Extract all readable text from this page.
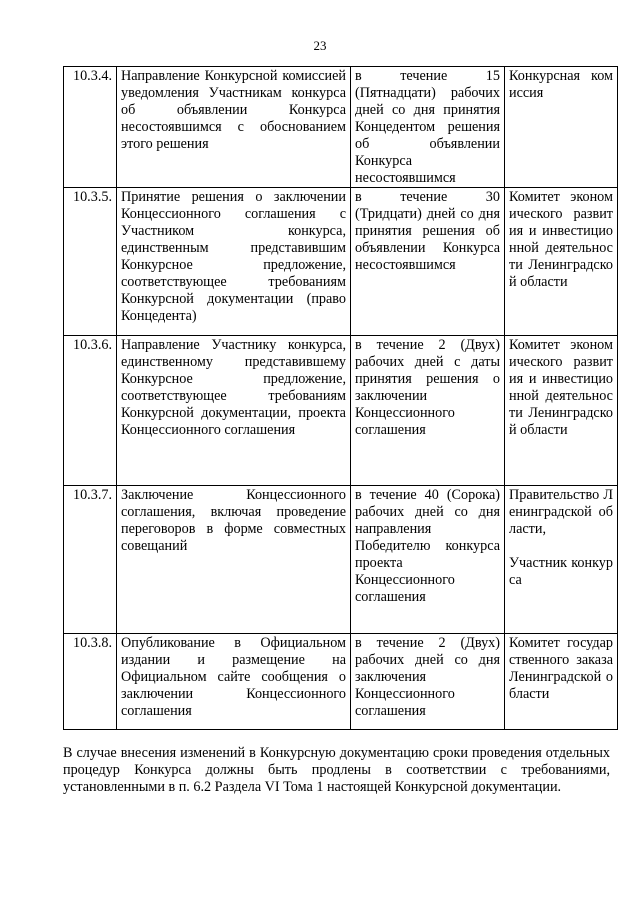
23
10.3.4.	Направление Конкурсной комиссией уведомления Участникам конкурса об объявлении Конкурса несостоявшимся с обоснованием этого решения	в течение 15 (Пятнадцати) рабочих дней со дня принятия Концедентом решения об объявлении Конкурса несостоявшимся	Конкурсная комиссия

10.3.5.	Принятие решения о заключении Концессионного соглашения с Участником конкурса, единственным представившим Конкурсное предложение, соответствующее требованиям Конкурсной документации (право Концедента)	в течение 30 (Тридцати) дней со дня принятия решения об объявлении Конкурса несостоявшимся	Комитет экономического развития и инвестиционной деятельности Ленинградской области

10.3.6.	Направление Участнику конкурса, единственному представившему Конкурсное предложение, соответствующее требованиям Конкурсной документации, проекта Концессионного соглашения	в течение 2 (Двух) рабочих дней с даты принятия решения о заключении Концессионного соглашения	Комитет экономического развития и инвестиционной деятельности Ленинградской области

10.3.7.	Заключение Концессионного соглашения, включая проведение переговоров в форме совместных совещаний	в течение 40 (Сорока) рабочих дней со дня направления Победителю конкурса проекта Концессионного соглашения	Правительство Ленинградской области,
Участник конкурса

10.3.8.	Опубликование в Официальном издании и размещение на Официальном сайте сообщения о заключении Концессионного соглашения	в течение 2 (Двух) рабочих дней со дня заключения Концессионного соглашения	Комитет государственного заказа Ленинградской области
В случае внесения изменений в Конкурсную документацию сроки проведения отдельных процедур Конкурса должны быть продлены в соответствии с требованиями, установленными в п. 6.2 Раздела VI Тома 1 настоящей Конкурсной документации.
